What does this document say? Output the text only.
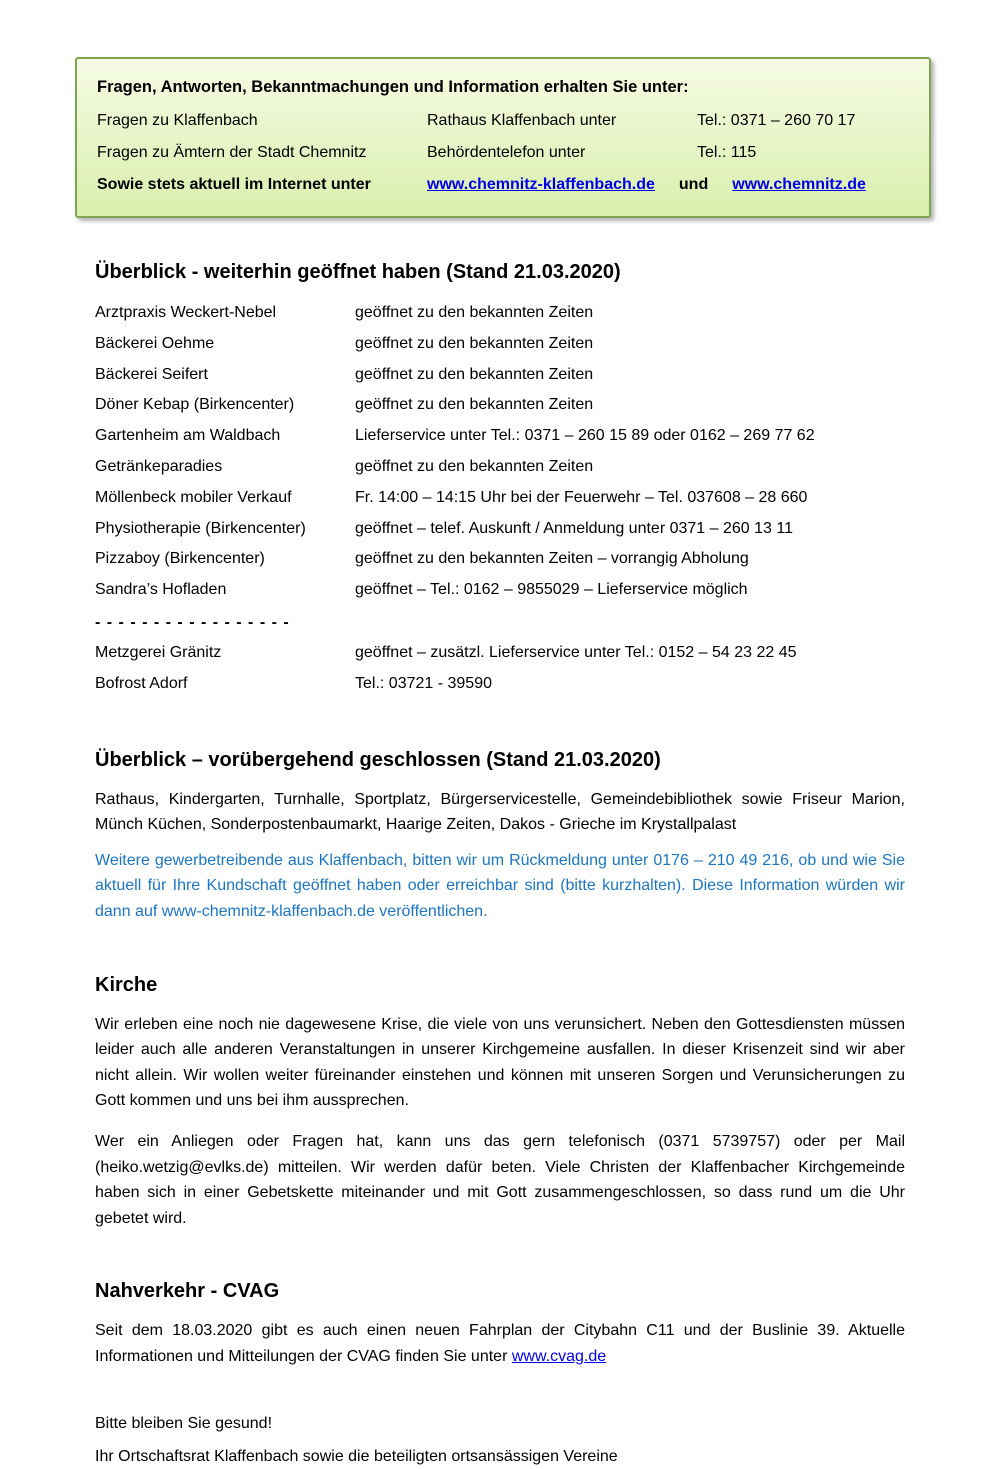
Fragen, Antworten, Bekanntmachungen und Information erhalten Sie unter:
Fragen zu Klaffenbach	Rathaus Klaffenbach unter	Tel.: 0371 – 260 70 17
Fragen zu Ämtern der Stadt Chemnitz	Behördentelefon unter	Tel.: 115
Sowie stets aktuell im Internet unter	www.chemnitz-klaffenbach.de und www.chemnitz.de
Überblick - weiterhin geöffnet haben (Stand 21.03.2020)
Arztpraxis Weckert-Nebel	geöffnet zu den bekannten Zeiten
Bäckerei Oehme	geöffnet zu den bekannten Zeiten
Bäckerei Seifert	geöffnet zu den bekannten Zeiten
Döner Kebap (Birkencenter)	geöffnet zu den bekannten Zeiten
Gartenheim am Waldbach	Lieferservice unter Tel.: 0371 – 260 15 89 oder 0162 – 269 77 62
Getränkeparadies	geöffnet zu den bekannten Zeiten
Möllenbeck mobiler Verkauf	Fr. 14:00 – 14:15 Uhr bei der Feuerwehr – Tel. 037608 – 28 660
Physiotherapie (Birkencenter)	geöffnet – telef. Auskunft / Anmeldung unter 0371 – 260 13 11
Pizzaboy (Birkencenter)	geöffnet zu den bekannten Zeiten – vorrangig Abholung
Sandra’s Hofladen	geöffnet – Tel.: 0162 – 9855029 – Lieferservice möglich
- - - - - - - - - - - - - - - - -
Metzgerei Gränitz	geöffnet – zusätzl. Lieferservice unter Tel.: 0152 – 54 23 22 45
Bofrost Adorf	Tel.: 03721 - 39590
Überblick – vorübergehend geschlossen (Stand 21.03.2020)

Rathaus, Kindergarten, Turnhalle, Sportplatz, Bürgerservicestelle, Gemeindebibliothek sowie Friseur Marion, Münch Küchen, Sonderpostenbaumarkt, Haarige Zeiten, Dakos - Grieche im Krystallpalast

Weitere gewerbetreibende aus Klaffenbach, bitten wir um Rückmeldung unter 0176 – 210 49 216, ob und wie Sie aktuell für Ihre Kundschaft geöffnet haben oder erreichbar sind (bitte kurzhalten). Diese Information würden wir dann auf www-chemnitz-klaffenbach.de veröffentlichen.

Kirche

Wir erleben eine noch nie dagewesene Krise, die viele von uns verunsichert. Neben den Gottesdiensten müssen leider auch alle anderen Veranstaltungen in unserer Kirchgemeine ausfallen. In dieser Krisenzeit sind wir aber nicht allein. Wir wollen weiter füreinander einstehen und können mit unseren Sorgen und Verunsicherungen zu Gott kommen und uns bei ihm aussprechen.

Wer ein Anliegen oder Fragen hat, kann uns das gern telefonisch (0371 5739757) oder per Mail (heiko.wetzig@evlks.de) mitteilen. Wir werden dafür beten. Viele Christen der Klaffenbacher Kirchgemeinde haben sich in einer Gebetskette miteinander und mit Gott zusammengeschlossen, so dass rund um die Uhr gebetet wird.

Nahverkehr - CVAG

Seit dem 18.03.2020 gibt es auch einen neuen Fahrplan der Citybahn C11 und der Buslinie 39. Aktuelle Informationen und Mitteilungen der CVAG finden Sie unter www.cvag.de

Bitte bleiben Sie gesund!
Ihr Ortschaftsrat Klaffenbach sowie die beteiligten ortsansässigen Vereine
